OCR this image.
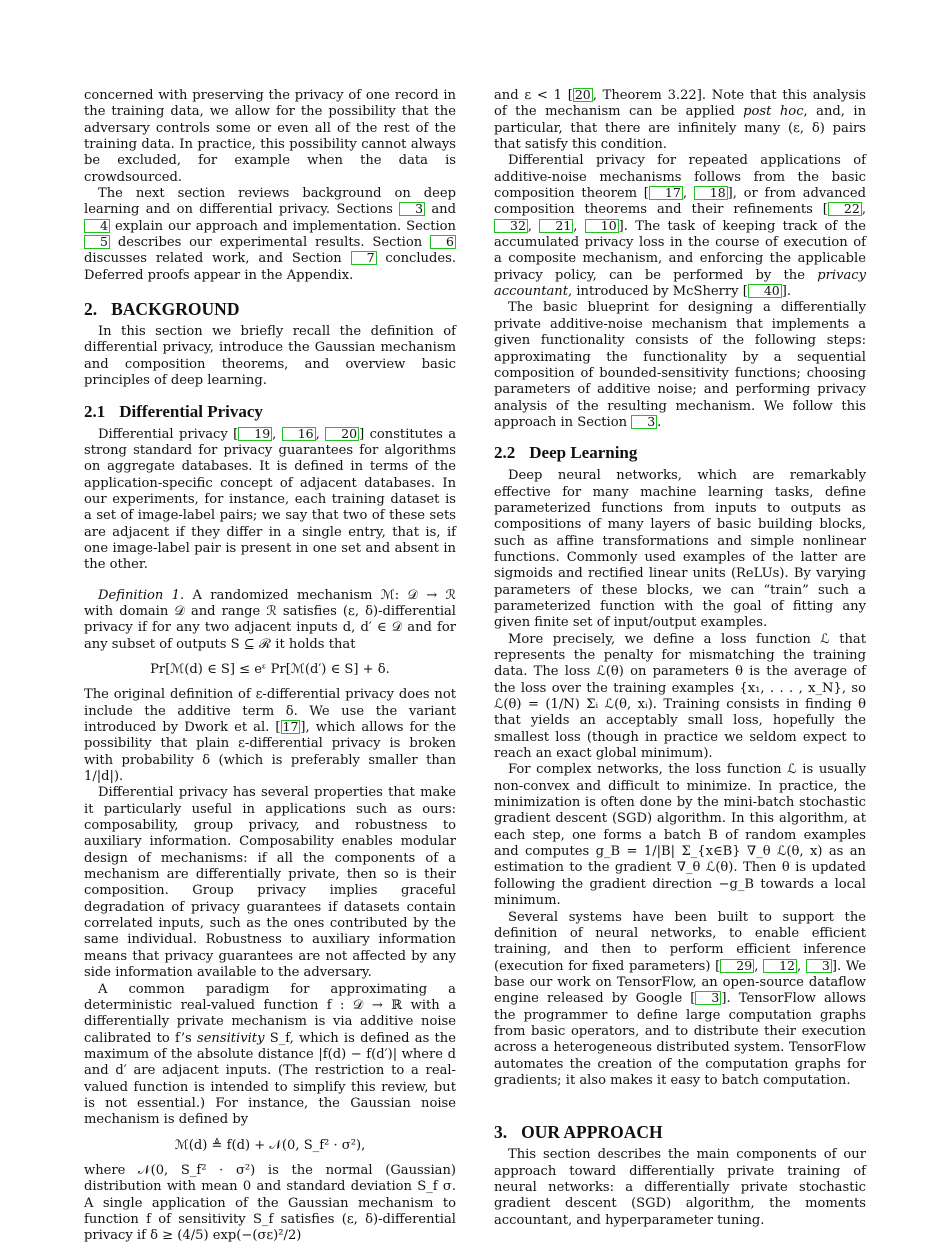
concerned with preserving the privacy of one record in the training data, we allow for the possibility that the adversary controls some or even all of the rest of the training data. In practice, this possibility cannot always be excluded, for example when the data is crowdsourced.

The next section reviews background on deep learning and on differential privacy. Sections 3 and 4 explain our approach and implementation. Section 5 describes our experimental results. Section 6 discusses related work, and Section 7 concludes. Deferred proofs appear in the Appendix.

2. BACKGROUND

In this section we briefly recall the definition of differential privacy, introduce the Gaussian mechanism and composition theorems, and overview basic principles of deep learning.

2.1 Differential Privacy

Differential privacy [ 19 , 16 , 20 ] constitutes a strong standard for privacy guarantees for algorithms on aggregate databases. It is defined in terms of the application-specific concept of adjacent databases. In our experiments, for instance, each training dataset is a set of image-label pairs; we say that two of these sets are adjacent if they differ in a single entry, that is, if one image-label pair is present in one set and absent in the other.

Definition 1. A randomized mechanism ℳ: 𝒟 → ℛ with domain 𝒟 and range ℛ satisfies (ε, δ)-differential privacy if for any two adjacent inputs d, d′ ∈ 𝒟 and for any subset of outputs S ⊆ ℛ it holds that

Pr[ℳ(d) ∈ S] ≤ eᵋ Pr[ℳ(d′) ∈ S] + δ.

The original definition of ε-differential privacy does not include the additive term δ. We use the variant introduced by Dwork et al. [ 17 ], which allows for the possibility that plain ε-differential privacy is broken with probability δ (which is preferably smaller than 1/|d|).

Differential privacy has several properties that make it particularly useful in applications such as ours: composability, group privacy, and robustness to auxiliary information. Composability enables modular design of mechanisms: if all the components of a mechanism are differentially private, then so is their composition. Group privacy implies graceful degradation of privacy guarantees if datasets contain correlated inputs, such as the ones contributed by the same individual. Robustness to auxiliary information means that privacy guarantees are not affected by any side information available to the adversary.

A common paradigm for approximating a deterministic real-valued function f : 𝒟 → ℝ with a differentially private mechanism is via additive noise calibrated to f’s sensitivity S_f, which is defined as the maximum of the absolute distance |f(d) − f(d′)| where d and d′ are adjacent inputs. (The restriction to a real-valued function is intended to simplify this review, but is not essential.) For instance, the Gaussian noise mechanism is defined by

ℳ(d) ≜ f(d) + 𝒩(0, S_f² · σ²),

where 𝒩(0, S_f² · σ²) is the normal (Gaussian) distribution with mean 0 and standard deviation S_f σ. A single application of the Gaussian mechanism to function f of sensitivity S_f satisfies (ε, δ)-differential privacy if δ ≥ (4/5) exp(−(σε)²/2)

and ε < 1 [ 20 , Theorem 3.22]. Note that this analysis of the mechanism can be applied post hoc, and, in particular, that there are infinitely many (ε, δ) pairs that satisfy this condition.

Differential privacy for repeated applications of additive-noise mechanisms follows from the basic composition theorem [ 17 , 18 ], or from advanced composition theorems and their refinements [ 22 , 32 , 21 , 10 ]. The task of keeping track of the accumulated privacy loss in the course of execution of a composite mechanism, and enforcing the applicable privacy policy, can be performed by the privacy accountant, introduced by McSherry [ 40 ].

The basic blueprint for designing a differentially private additive-noise mechanism that implements a given functionality consists of the following steps: approximating the functionality by a sequential composition of bounded-sensitivity functions; choosing parameters of additive noise; and performing privacy analysis of the resulting mechanism. We follow this approach in Section 3 .

2.2 Deep Learning

Deep neural networks, which are remarkably effective for many machine learning tasks, define parameterized functions from inputs to outputs as compositions of many layers of basic building blocks, such as affine transformations and simple nonlinear functions. Commonly used examples of the latter are sigmoids and rectified linear units (ReLUs). By varying parameters of these blocks, we can “train” such a parameterized function with the goal of fitting any given finite set of input/output examples.

More precisely, we define a loss function ℒ that represents the penalty for mismatching the training data. The loss ℒ(θ) on parameters θ is the average of the loss over the training examples {x₁, . . . , x_N}, so ℒ(θ) = (1/N) Σᵢ ℒ(θ, xᵢ). Training consists in finding θ that yields an acceptably small loss, hopefully the smallest loss (though in practice we seldom expect to reach an exact global minimum).

For complex networks, the loss function ℒ is usually non-convex and difficult to minimize. In practice, the minimization is often done by the mini-batch stochastic gradient descent (SGD) algorithm. In this algorithm, at each step, one forms a batch B of random examples and computes g_B = 1/|B| Σ_{x∈B} ∇_θ ℒ(θ, x) as an estimation to the gradient ∇_θ ℒ(θ). Then θ is updated following the gradient direction −g_B towards a local minimum.

Several systems have been built to support the definition of neural networks, to enable efficient training, and then to perform efficient inference (execution for fixed parameters) [ 29 , 12 , 3 ]. We base our work on TensorFlow, an open-source dataflow engine released by Google [ 3 ]. TensorFlow allows the programmer to define large computation graphs from basic operators, and to distribute their execution across a heterogeneous distributed system. TensorFlow automates the creation of the computation graphs for gradients; it also makes it easy to batch computation.

3. OUR APPROACH

This section describes the main components of our approach toward differentially private training of neural networks: a differentially private stochastic gradient descent (SGD) algorithm, the moments accountant, and hyperparameter tuning.
